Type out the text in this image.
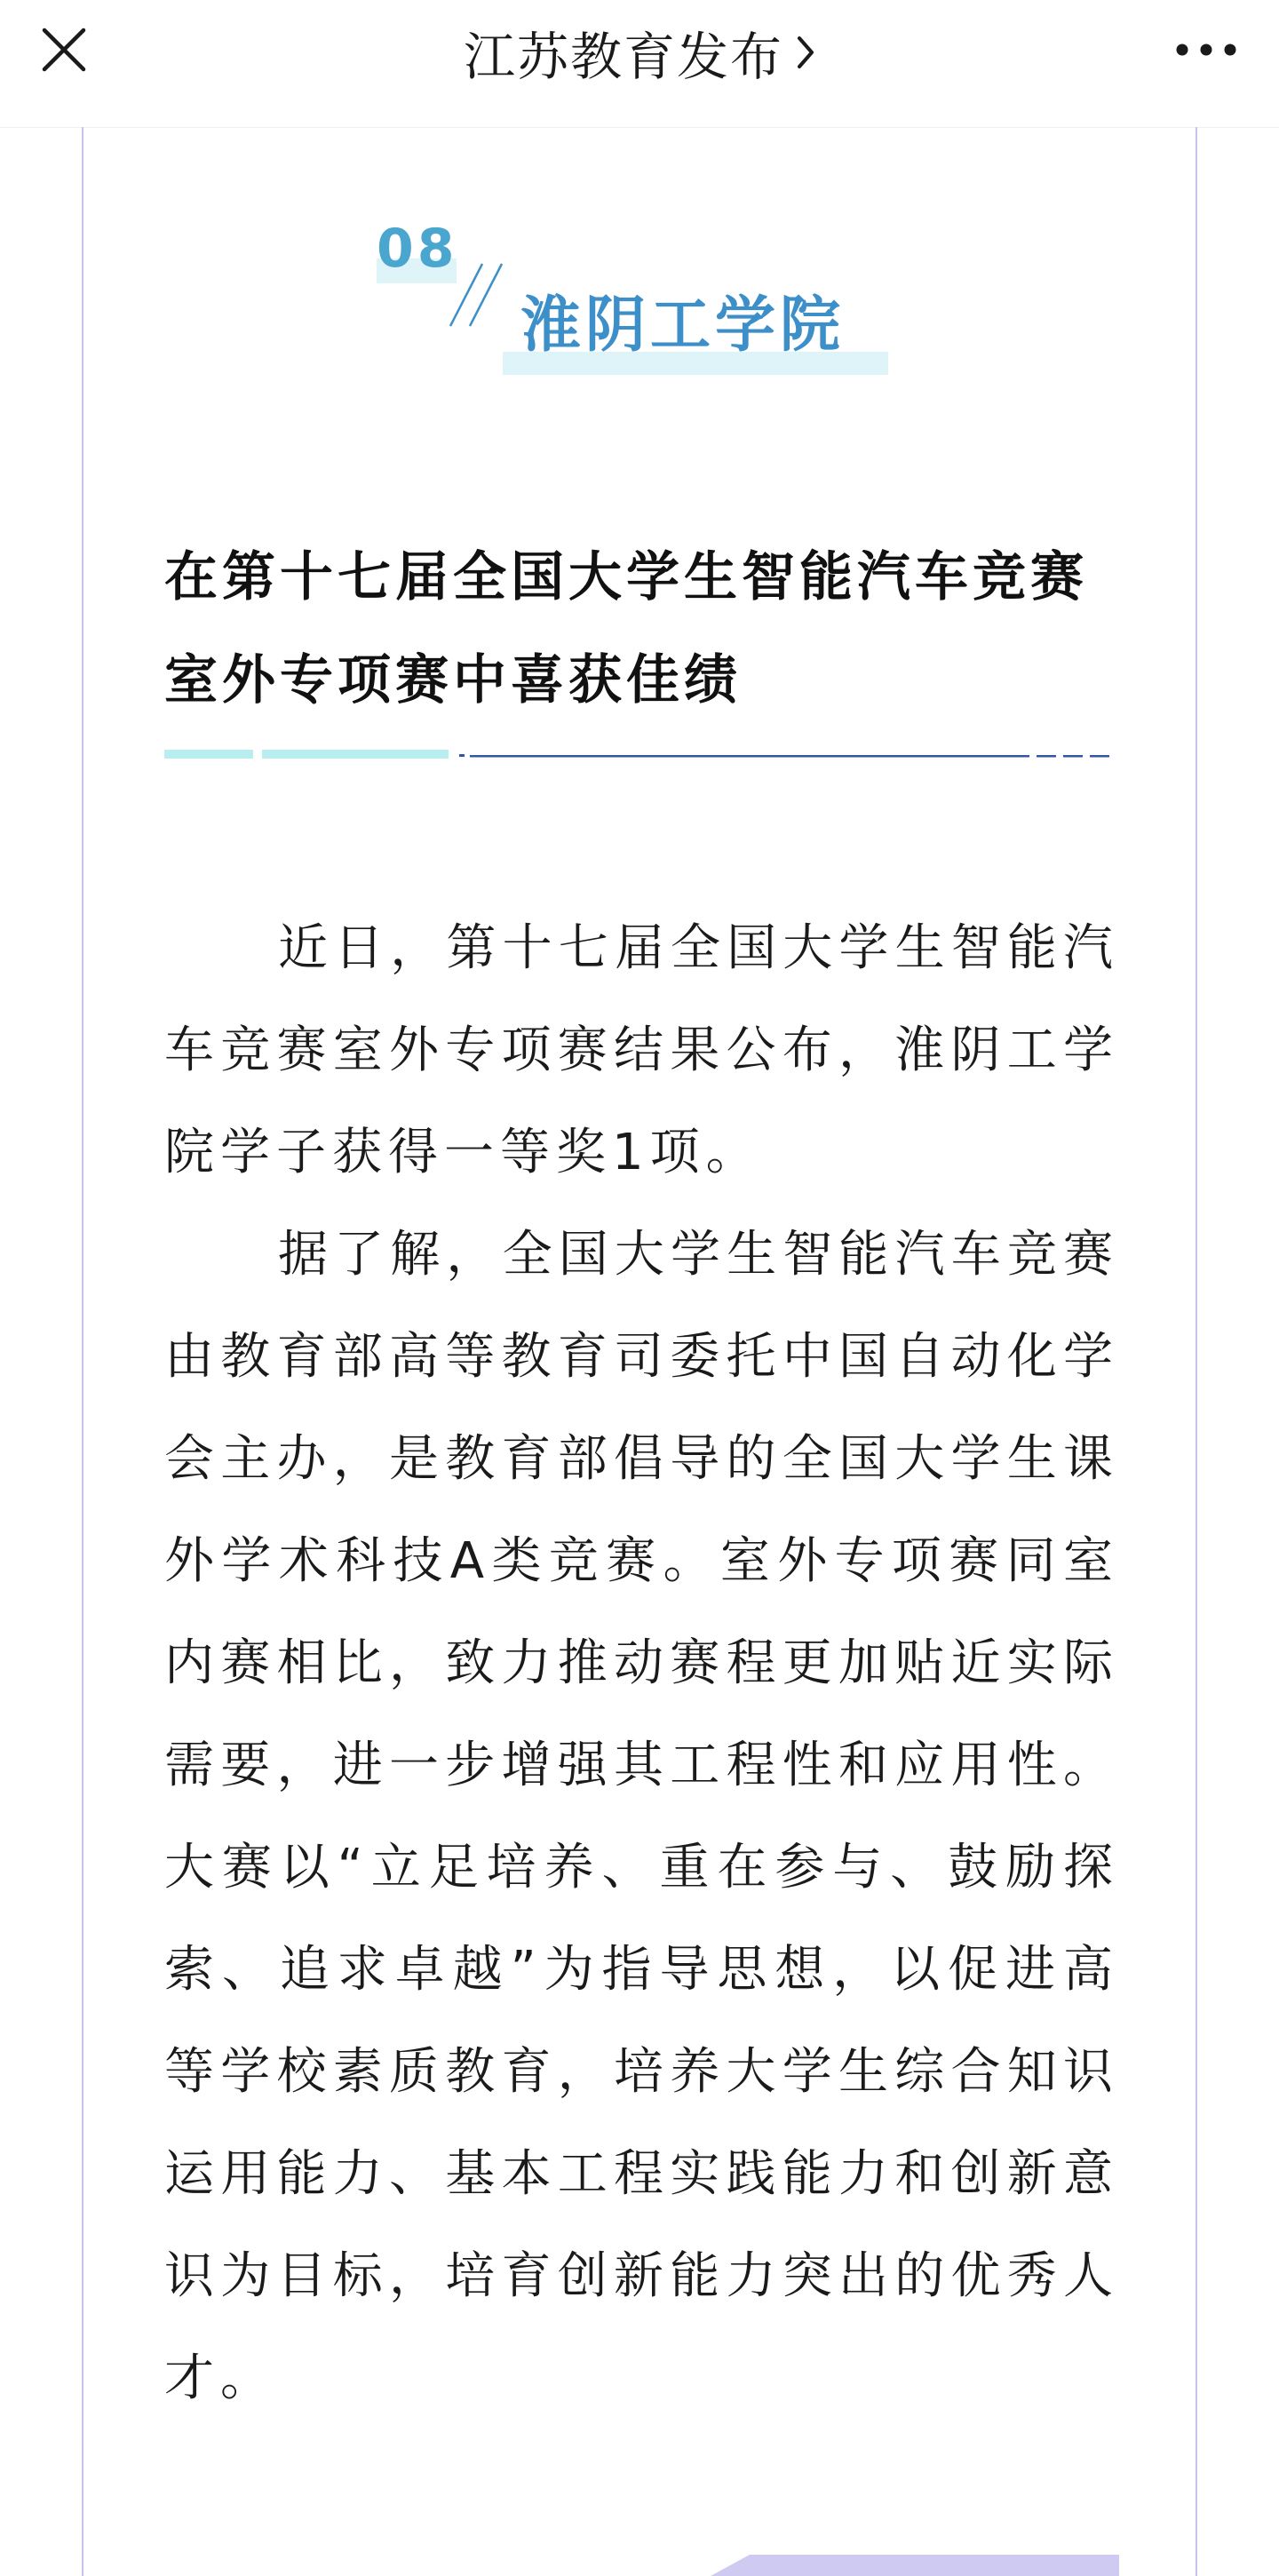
江苏教育发布
08
淮阴工学院
在第十七届全国大学生智能汽车竞赛
室外专项赛中喜获佳绩

近日，第十七届全国大学生智能汽车竞赛室外专项赛结果公布，淮阴工学院学子获得一等奖1项。

据了解，全国大学生智能汽车竞赛由教育部高等教育司委托中国自动化学会主办，是教育部倡导的全国大学生课外学术科技A类竞赛。室外专项赛同室内赛相比，致力推动赛程更加贴近实际需要，进一步增强其工程性和应用性。大赛以“立足培养、重在参与、鼓励探索、追求卓越”为指导思想，以促进高等学校素质教育，培养大学生综合知识运用能力、基本工程实践能力和创新意识为目标，培育创新能力突出的优秀人才。
